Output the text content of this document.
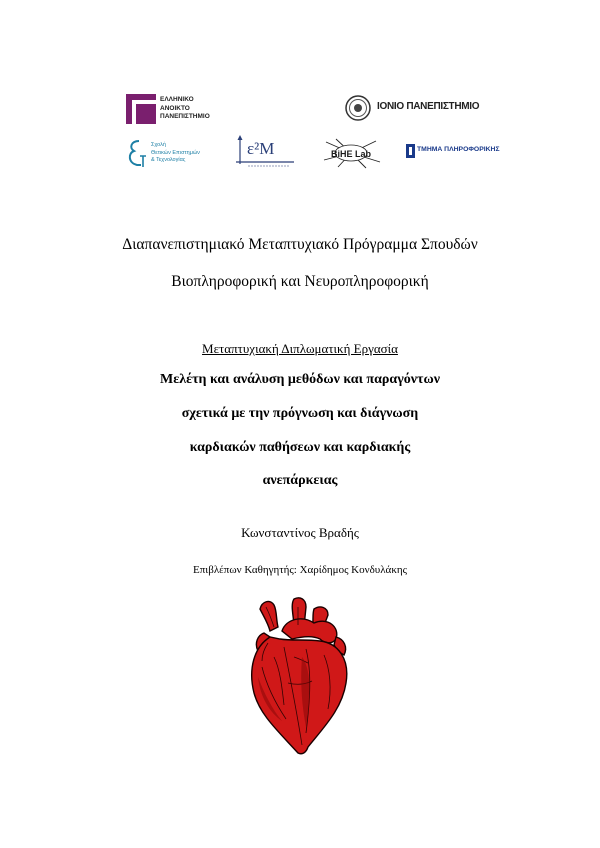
ΕΛΛΗΝΙΚΟ
ΑΝΟΙΚΤΟ
ΠΑΝΕΠΙΣΤΗΜΙΟ
ΙΟΝΙΟ ΠΑΝΕΠΙΣΤΗΜΙΟ
Σχολή
Θετικών Επιστημών
& Τεχνολογίας
ε²Μ	BiHE Lab	ΤΜΗΜΑ ΠΛΗΡΟΦΟΡΙΚΗΣ
Διαπανεπιστημιακό Μεταπτυχιακό Πρόγραμμα Σπουδών
Βιοπληροφορική και Νευροπληροφορική
Μεταπτυχιακή Διπλωματική Εργασία
Μελέτη και ανάλυση μεθόδων και παραγόντων
σχετικά με την πρόγνωση και διάγνωση
καρδιακών παθήσεων και καρδιακής
ανεπάρκειας
Κωνσταντίνος Βραδής
Επιβλέπων Καθηγητής: Χαρίδημος Κονδυλάκης
